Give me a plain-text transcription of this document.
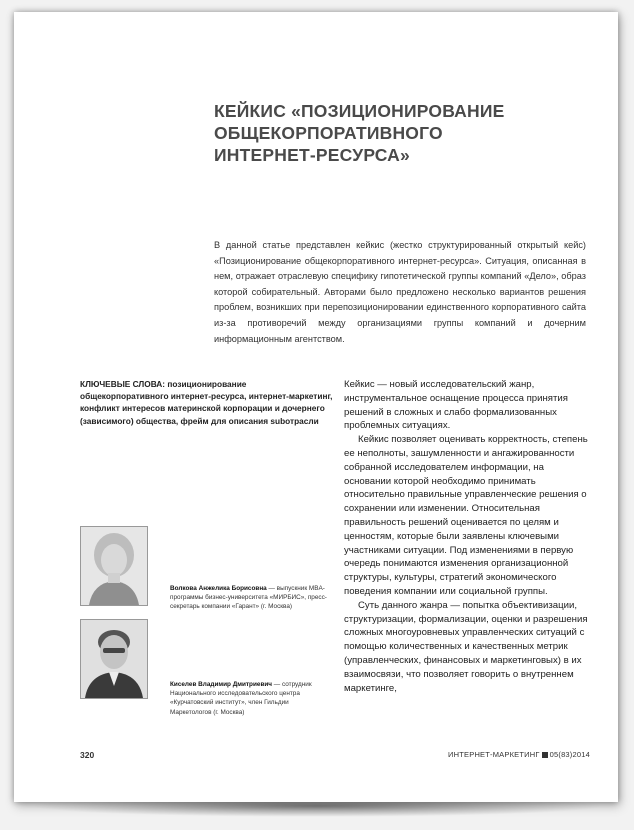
КЕЙКИС «ПОЗИЦИОНИРОВАНИЕ
ОБЩЕКОРПОРАТИВНОГО
ИНТЕРНЕТ-РЕСУРСА»

В данной статье представлен кейкис (жестко структурированный открытый кейс) «Позиционирование общекорпоративного интернет-ресурса». Ситуация, описанная в нем, отражает отраслевую специфику гипотетической группы компаний «Дело», образ которой собирательный. Авторами было предложено несколько вариантов решения проблем, возникших при перепозиционировании единственного корпоративного сайта из-за противоречий между организациями группы компаний и дочерним информационным агентством.

КЛЮЧЕВЫЕ СЛОВА: позиционирование общекорпоративного интернет-ресурса, интернет-маркетинг, конфликт интересов материнской корпорации и дочернего (зависимого) общества, фрейм для описания subотрасли

Кейкис — новый исследовательский жанр, инструментальное оснащение процесса принятия решений в сложных и слабо формализованных проблемных ситуациях.

Кейкис позволяет оценивать корректность, степень ее неполноты, зашумленности и ангажированности собранной исследователем информации, на основании которой необходимо принимать относительно правильные управленческие решения о сохранении или изменении. Относительная правильность решений оценивается по целям и ценностям, которые были заявлены ключевыми участниками ситуации. Под изменениями в первую очередь понимаются изменения организационной структуры, культуры, стратегий экономического поведения компании или социальной группы.

Суть данного жанра — попытка объективизации, структуризации, формализации, оценки и разрешения сложных многоуровневых управленческих ситуаций с помощью количественных и качественных метрик (управленческих, финансовых и маркетинговых) в их взаимосвязи, что позволяет говорить о внутреннем маркетинге,

Волкова Анжелика Борисовна — выпускник MBA-программы бизнес-университета «МИРБИС», пресс-секретарь компании «Гарант» (г. Москва)

Киселев Владимир Дмитриевич — сотрудник Национального исследовательского центра «Курчатовский институт», член Гильдии Маркетологов (г. Москва)

320	ИНТЕРНЕТ-МАРКЕТИНГ 05(83)2014
